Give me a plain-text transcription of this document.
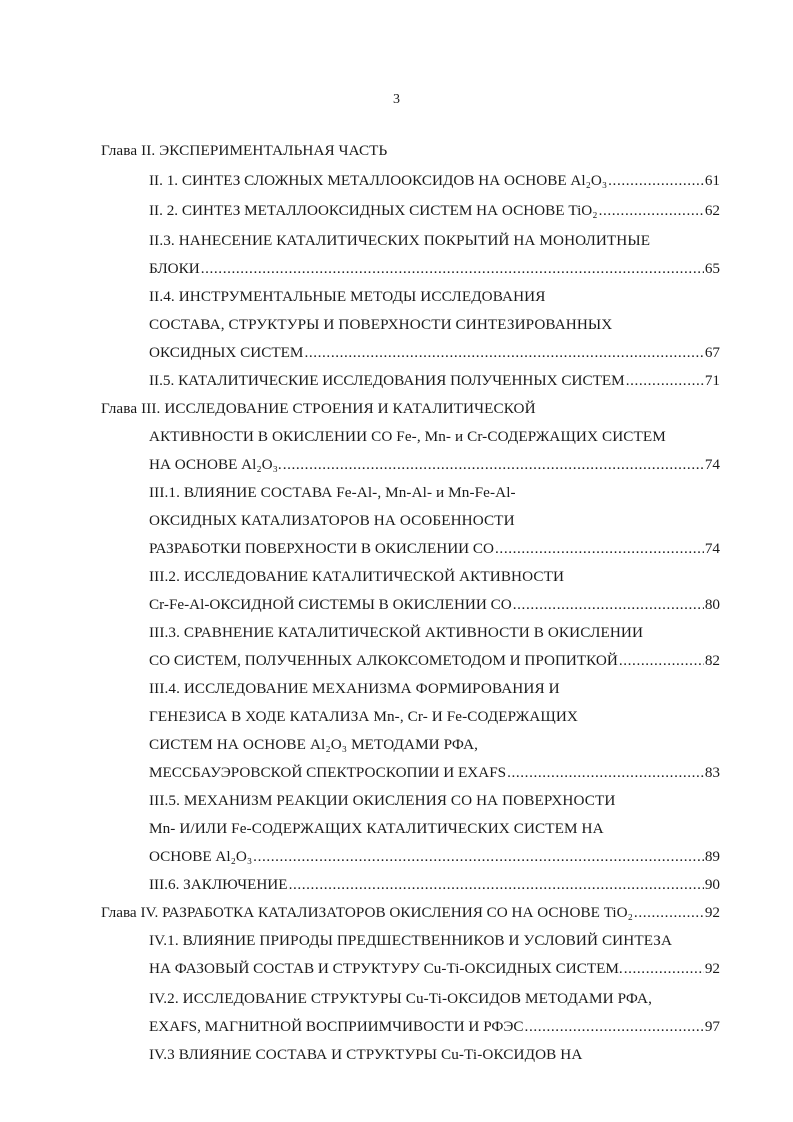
3
Глава II. ЭКСПЕРИМЕНТАЛЬНАЯ ЧАСТЬ
II. 1. СИНТЕЗ СЛОЖНЫХ МЕТАЛЛООКСИДОВ НА ОСНОВЕ Al₂O₃ . . .	61
II. 2. СИНТЕЗ МЕТАЛЛООКСИДНЫХ СИСТЕМ НА ОСНОВЕ TiO₂ . . .	62
II.3. НАНЕСЕНИЕ КАТАЛИТИЧЕСКИХ ПОКРЫТИЙ НА МОНОЛИТНЫЕ
БЛОКИ . . .	65
II.4. ИНСТРУМЕНТАЛЬНЫЕ МЕТОДЫ ИССЛЕДОВАНИЯ
СОСТАВА, СТРУКТУРЫ И ПОВЕРХНОСТИ СИНТЕЗИРОВАННЫХ
ОКСИДНЫХ СИСТЕМ . . .	67
II.5. КАТАЛИТИЧЕСКИЕ ИССЛЕДОВАНИЯ ПОЛУЧЕННЫХ СИСТЕМ . . .	71
Глава III. ИССЛЕДОВАНИЕ СТРОЕНИЯ И КАТАЛИТИЧЕСКОЙ
АКТИВНОСТИ В ОКИСЛЕНИИ СО Fe-, Mn- и Cr-СОДЕРЖАЩИХ СИСТЕМ
НА ОСНОВЕ Al₂O₃. . . .	74
III.1. ВЛИЯНИЕ СОСТАВА Fe-Al-, Mn-Al- и Mn-Fe-Al-
ОКСИДНЫХ КАТАЛИЗАТОРОВ НА ОСОБЕННОСТИ
РАЗРАБОТКИ ПОВЕРХНОСТИ В ОКИСЛЕНИИ СО . . .	74
III.2. ИССЛЕДОВАНИЕ КАТАЛИТИЧЕСКОЙ АКТИВНОСТИ
Cr-Fe-Al-ОКСИДНОЙ СИСТЕМЫ В ОКИСЛЕНИИ СО . . .	80
III.3. СРАВНЕНИЕ КАТАЛИТИЧЕСКОЙ АКТИВНОСТИ В ОКИСЛЕНИИ
СО СИСТЕМ, ПОЛУЧЕННЫХ АЛКОКСОМЕТОДОМ И ПРОПИТКОЙ . . .	82
III.4. ИССЛЕДОВАНИЕ МЕХАНИЗМА ФОРМИРОВАНИЯ И
ГЕНЕЗИСА В ХОДЕ КАТАЛИЗА Mn-, Cr- И Fe-СОДЕРЖАЩИХ
СИСТЕМ НА ОСНОВЕ Al₂O₃ МЕТОДАМИ РФА,
МЕССБАУЭРОВСКОЙ СПЕКТРОСКОПИИ И EXAFS . . .	83
III.5. МЕХАНИЗМ РЕАКЦИИ ОКИСЛЕНИЯ СО НА ПОВЕРХНОСТИ
Mn- И/ИЛИ Fe-СОДЕРЖАЩИХ КАТАЛИТИЧЕСКИХ СИСТЕМ НА
ОСНОВЕ Al₂O₃ . . .	89
III.6. ЗАКЛЮЧЕНИЕ . . .	90
Глава IV. РАЗРАБОТКА КАТАЛИЗАТОРОВ ОКИСЛЕНИЯ СО НА ОСНОВЕ TiO₂ . . .	92
IV.1. ВЛИЯНИЕ ПРИРОДЫ ПРЕДШЕСТВЕННИКОВ И УСЛОВИЙ СИНТЕЗА
НА ФАЗОВЫЙ СОСТАВ И СТРУКТУРУ Cu-Ti-ОКСИДНЫХ СИСТЕМ. . . .	92
IV.2. ИССЛЕДОВАНИЕ СТРУКТУРЫ Cu-Ti-ОКСИДОВ МЕТОДАМИ РФА,
EXAFS, МАГНИТНОЙ ВОСПРИИМЧИВОСТИ И РФЭС . . .	97
IV.3 ВЛИЯНИЕ СОСТАВА И СТРУКТУРЫ Cu-Ti-ОКСИДОВ НА
